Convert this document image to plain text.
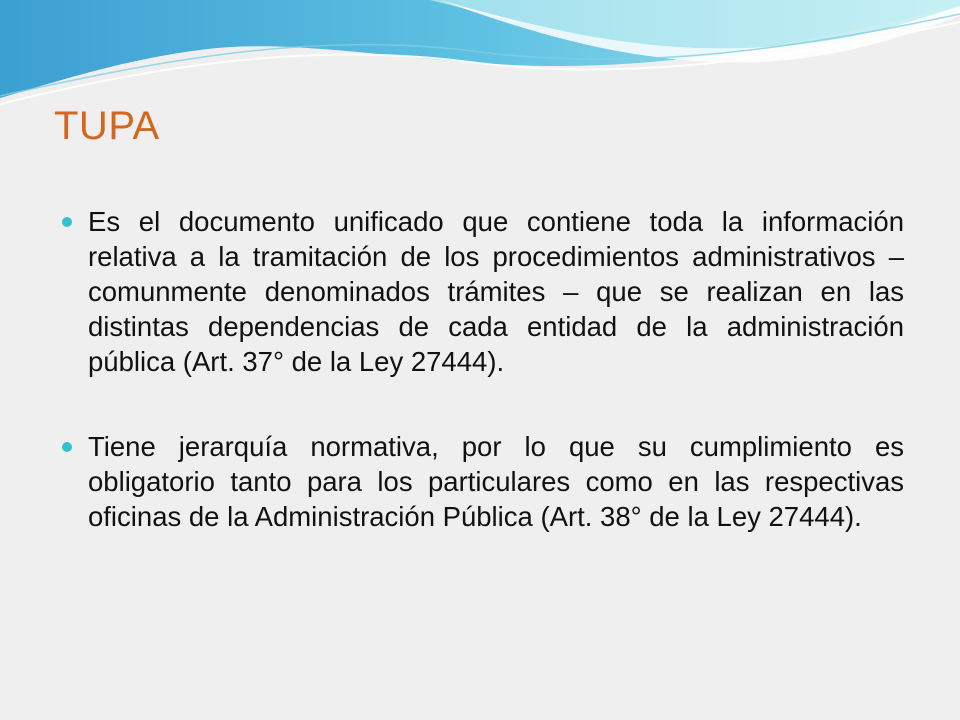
TUPA
Es el documento unificado que contiene toda la información relativa a la tramitación de los procedimientos administrativos – comunmente denominados trámites – que se realizan en las distintas dependencias de cada entidad de la administración pública (Art. 37° de la Ley 27444).
Tiene jerarquía normativa, por lo que su cumplimiento es obligatorio tanto para los particulares como en las respectivas oficinas de la Administración Pública (Art. 38° de la Ley 27444).
